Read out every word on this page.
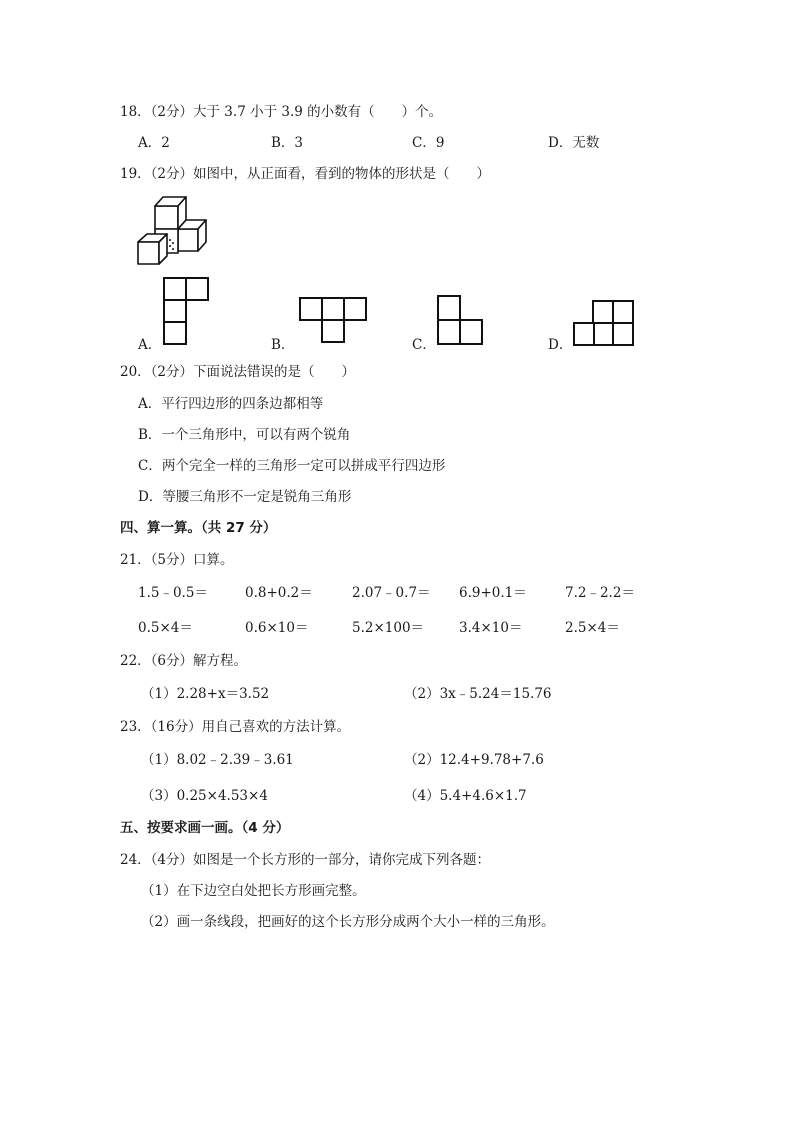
18．（2分）大于 3.7 小于 3.9 的小数有（　　）个。
A．2	B．3	C．9	D．无数
19．（2分）如图中，从正面看，看到的物体的形状是（　　）
A．	B．	C．	D．
20．（2分）下面说法错误的是（　　）
A．平行四边形的四条边都相等
B．一个三角形中，可以有两个锐角
C．两个完全一样的三角形一定可以拼成平行四边形
D．等腰三角形不一定是锐角三角形
四、算一算。（共 27 分）
21．（5分）口算。
1.5﹣0.5＝	0.8+0.2＝	2.07﹣0.7＝ 6.9+0.1＝	7.2﹣2.2＝
0.5×4＝	0.6×10＝	5.2×100＝	3.4×10＝	2.5×4＝
22．（6分）解方程。
（1）2.28+x＝3.52	（2）3x﹣5.24＝15.76
23．（16分）用自己喜欢的方法计算。
（1）8.02﹣2.39﹣3.61	（2）12.4+9.78+7.6
（3）0.25×4.53×4	（4）5.4+4.6×1.7
五、按要求画一画。（4 分）
24．（4分）如图是一个长方形的一部分，请你完成下列各题：
（1）在下边空白处把长方形画完整。
（2）画一条线段，把画好的这个长方形分成两个大小一样的三角形。
